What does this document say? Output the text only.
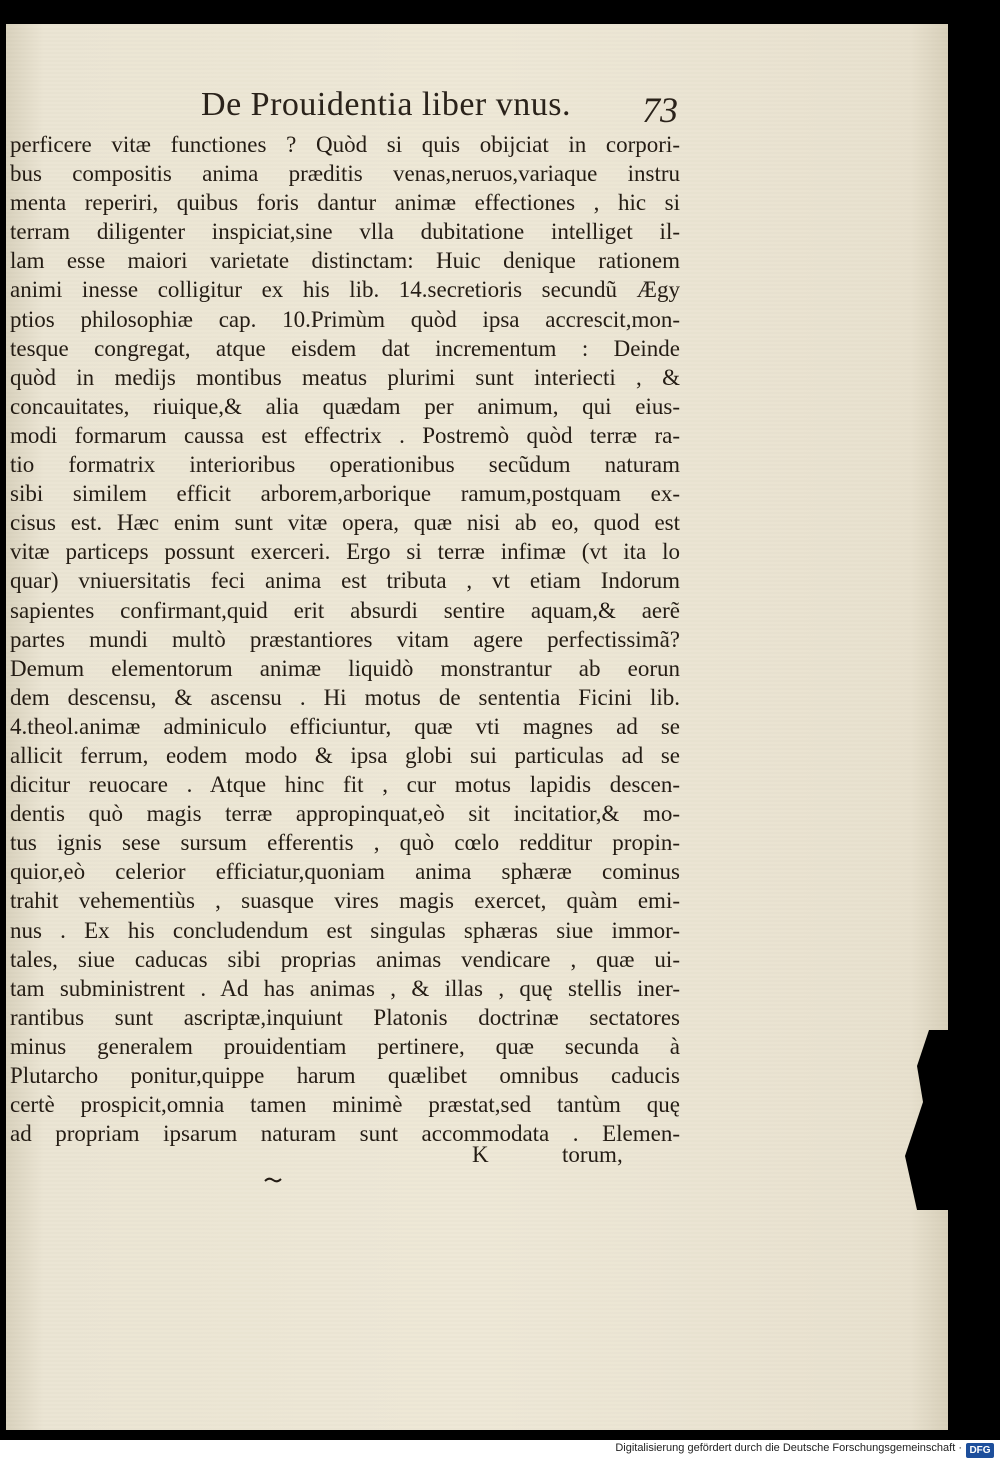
De Prouidentia liber vnus.	73
perficere vitæ functiones ? Quòd si quis obijciat in corpori-
bus compositis anima præditis venas,neruos,variaque instru
menta reperiri, quibus foris dantur animæ effectiones , hic si
terram diligenter inspiciat,sine vlla dubitatione intelliget il-
lam esse maiori varietate distinctam: Huic denique rationem
animi inesse colligitur ex his lib. 14.secretioris secundũ Ægy
ptios philosophiæ cap. 10.Primùm quòd ipsa accrescit,mon-
tesque congregat, atque eisdem dat incrementum : Deinde
quòd in medijs montibus meatus plurimi sunt interiecti , &
concauitates, riuique,& alia quædam per animum, qui eius-
modi formarum caussa est effectrix . Postremò quòd terræ ra-
tio formatrix interioribus operationibus secũdum naturam
sibi similem efficit arborem,arborique ramum,postquam ex-
cisus est. Hæc enim sunt vitæ opera, quæ nisi ab eo, quod est
vitæ particeps possunt exerceri. Ergo si terræ infimæ (vt ita lo
quar) vniuersitatis feci anima est tributa , vt etiam Indorum
sapientes confirmant,quid erit absurdi sentire aquam,& aerẽ
partes mundi multò præstantiores vitam agere perfectissimã?
Demum elementorum animæ liquidò monstrantur ab eorun
dem descensu, & ascensu . Hi motus de sententia Ficini lib.
4.theol.animæ adminiculo efficiuntur, quæ vti magnes ad se
allicit ferrum, eodem modo & ipsa globi sui particulas ad se
dicitur reuocare . Atque hinc fit , cur motus lapidis descen-
dentis quò magis terræ appropinquat,eò sit incitatior,& mo-
tus ignis sese sursum efferentis , quò cœlo redditur propin-
quior,eò celerior efficiatur,quoniam anima sphæræ cominus
trahit vehementiùs , suasque vires magis exercet, quàm emi-
nus . Ex his concludendum est singulas sphæras siue immor-
tales, siue caducas sibi proprias animas vendicare , quæ ui-
tam subministrent . Ad has animas , & illas , quę stellis iner-
rantibus sunt ascriptæ,inquiunt Platonis doctrinæ sectatores
minus generalem prouidentiam pertinere, quæ secunda à
Plutarcho ponitur,quippe harum quælibet omnibus caducis
certè prospicit,omnia tamen minimè præstat,sed tantùm quę
ad propriam ipsarum naturam sunt accommodata . Elemen-
K	torum,
Digitalisierung gefördert durch die Deutsche Forschungsgemeinschaft · DFG
